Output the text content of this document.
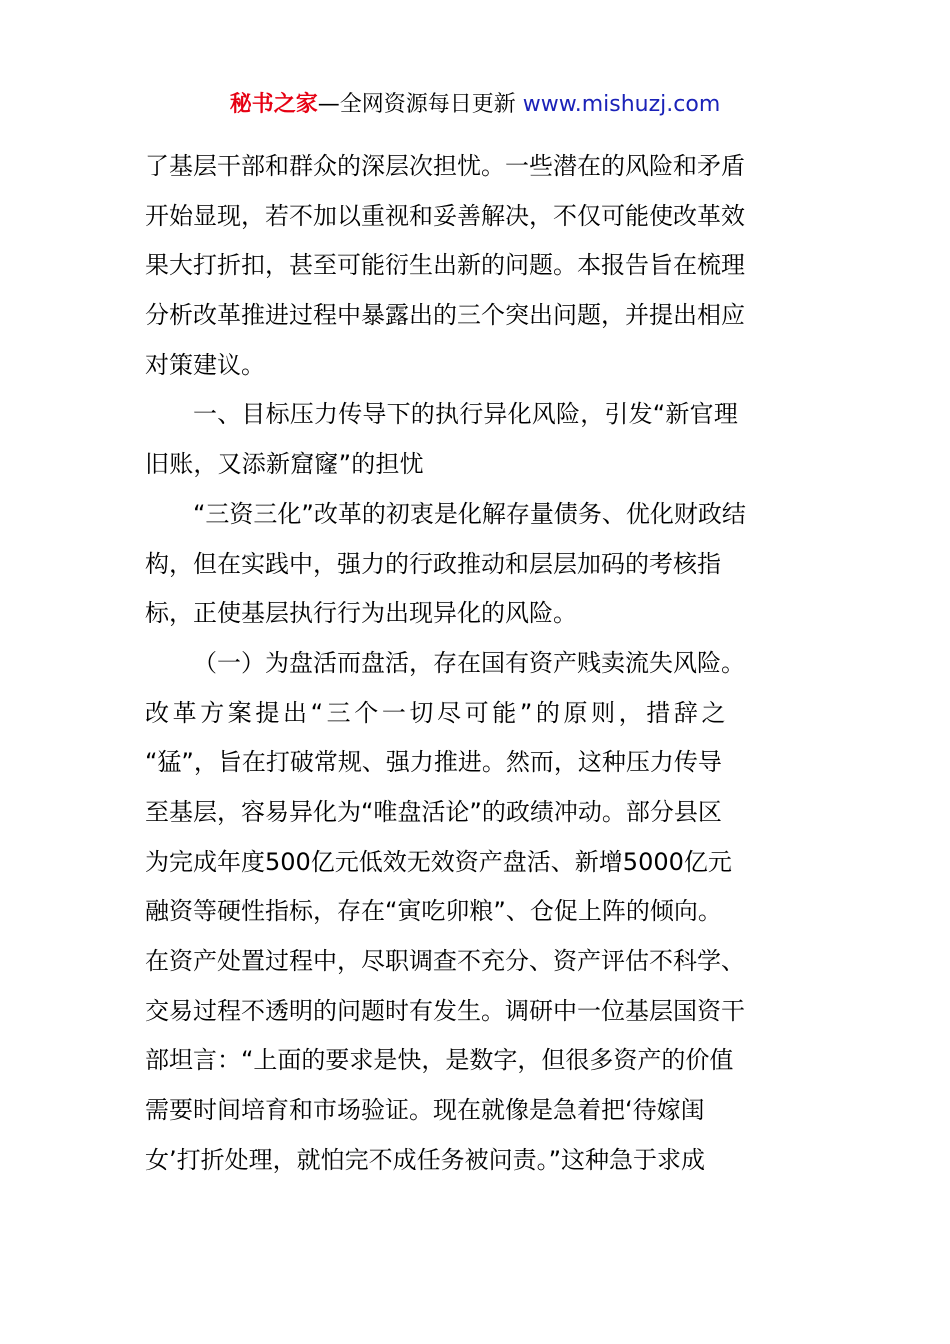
秘书之家—全网资源每日更新 www.mishuzj.com
了基层干部和群众的深层次担忧。一些潜在的风险和矛盾
开始显现，若不加以重视和妥善解决，不仅可能使改革效
果大打折扣，甚至可能衍生出新的问题。本报告旨在梳理
分析改革推进过程中暴露出的三个突出问题，并提出相应
对策建议。
一、目标压力传导下的执行异化风险，引发“新官理
旧账，又添新窟窿”的担忧
“三资三化”改革的初衷是化解存量债务、优化财政结
构，但在实践中，强力的行政推动和层层加码的考核指
标，正使基层执行行为出现异化的风险。
（一）为盘活而盘活，存在国有资产贱卖流失风险。
改革方案提出“三个一切尽可能”的原则，措辞之
“猛”，旨在打破常规、强力推进。然而，这种压力传导
至基层，容易异化为“唯盘活论”的政绩冲动。部分县区
为完成年度500亿元低效无效资产盘活、新增5000亿元
融资等硬性指标，存在“寅吃卯粮”、仓促上阵的倾向。
在资产处置过程中，尽职调查不充分、资产评估不科学、
交易过程不透明的问题时有发生。调研中一位基层国资干
部坦言：“上面的要求是快，是数字，但很多资产的价值
需要时间培育和市场验证。现在就像是急着把‘待嫁闺
女’打折处理，就怕完不成任务被问责。”这种急于求成
